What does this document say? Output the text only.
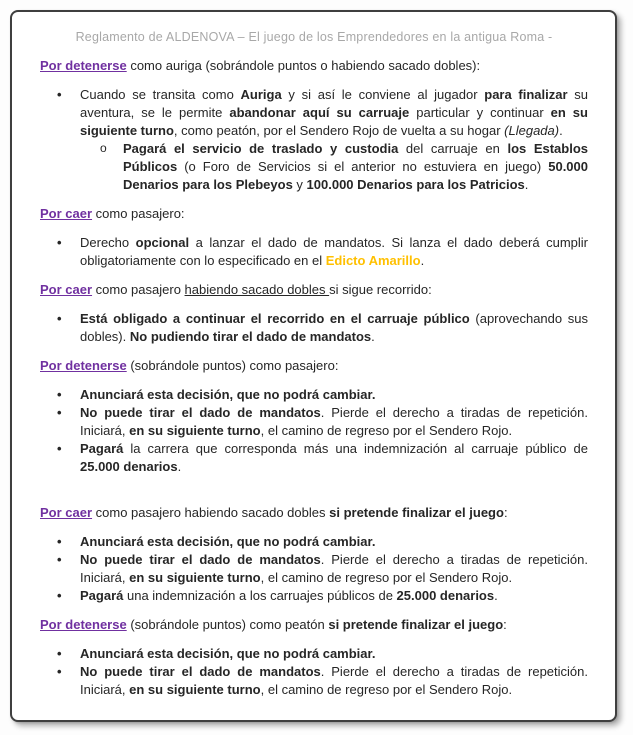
Reglamento de ALDENOVA – El juego de los Emprendedores en la antigua Roma -
Por detenerse como auriga (sobrándole puntos o habiendo sacado dobles):
• Cuando se transita como Auriga y si así le conviene al jugador para finalizar su aventura, se le permite abandonar aquí su carruaje particular y continuar en su siguiente turno, como peatón, por el Sendero Rojo de vuelta a su hogar (Llegada).
o Pagará el servicio de traslado y custodia del carruaje en los Establos Públicos (o Foro de Servicios si el anterior no estuviera en juego) 50.000 Denarios para los Plebeyos y 100.000 Denarios para los Patricios.
Por caer como pasajero:
• Derecho opcional a lanzar el dado de mandatos. Si lanza el dado deberá cumplir obligatoriamente con lo especificado en el Edicto Amarillo.
Por caer como pasajero habiendo sacado dobles si sigue recorrido:
• Está obligado a continuar el recorrido en el carruaje público (aprovechando sus dobles). No pudiendo tirar el dado de mandatos.
Por detenerse (sobrándole puntos) como pasajero:
• Anunciará esta decisión, que no podrá cambiar.
• No puede tirar el dado de mandatos. Pierde el derecho a tiradas de repetición. Iniciará, en su siguiente turno, el camino de regreso por el Sendero Rojo.
• Pagará la carrera que corresponda más una indemnización al carruaje público de 25.000 denarios.
Por caer como pasajero habiendo sacado dobles si pretende finalizar el juego:
• Anunciará esta decisión, que no podrá cambiar.
• No puede tirar el dado de mandatos. Pierde el derecho a tiradas de repetición. Iniciará, en su siguiente turno, el camino de regreso por el Sendero Rojo.
• Pagará una indemnización a los carruajes públicos de 25.000 denarios.
Por detenerse (sobrándole puntos) como peatón si pretende finalizar el juego:
• Anunciará esta decisión, que no podrá cambiar.
• No puede tirar el dado de mandatos. Pierde el derecho a tiradas de repetición. Iniciará, en su siguiente turno, el camino de regreso por el Sendero Rojo.
